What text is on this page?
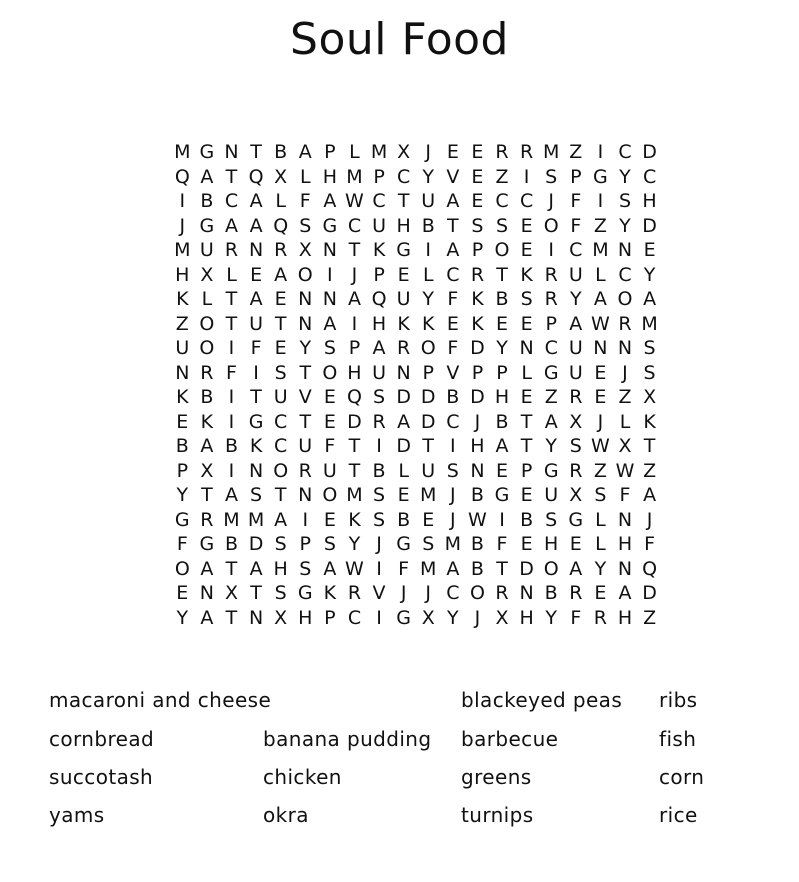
Soul Food
M G N T B A P L M X J E E R R M Z I C D
Q A T Q X L H M P C Y V E Z I S P G Y C
I B C A L F A W C T U A E C C J F I S H
J G A A Q S G C U H B T S S E O F Z Y D
M U R N R X N T K G I A P O E I C M N E
H X L E A O I J P E L C R T K R U L C Y
K L T A E N N A Q U Y F K B S R Y A O A
Z O T U T N A I H K K E K E E P A W R M
U O I F E Y S P A R O F D Y N C U N N S
N R F I S T O H U N P V P P L G U E J S
K B I T U V E Q S D D B D H E Z R E Z X
E K I G C T E D R A D C J B T A X J L K
B A B K C U F T I D T I H A T Y S W X T
P X I N O R U T B L U S N E P G R Z W Z
Y T A S T N O M S E M J B G E U X S F A
G R M M A I E K S B E J W I B S G L N J
F G B D S P S Y J G S M B F E H E L H F
O A T A H S A W I F M A B T D O A Y N Q
E N X T S G K R V J J C O R N B R E A D
Y A T N X H P C I G X Y J X H Y F R H Z
macaroni and cheese
cornbread
succotash
yams
banana pudding
chicken
okra
blackeyed peas
barbecue
greens
turnips
ribs
fish
corn
rice
